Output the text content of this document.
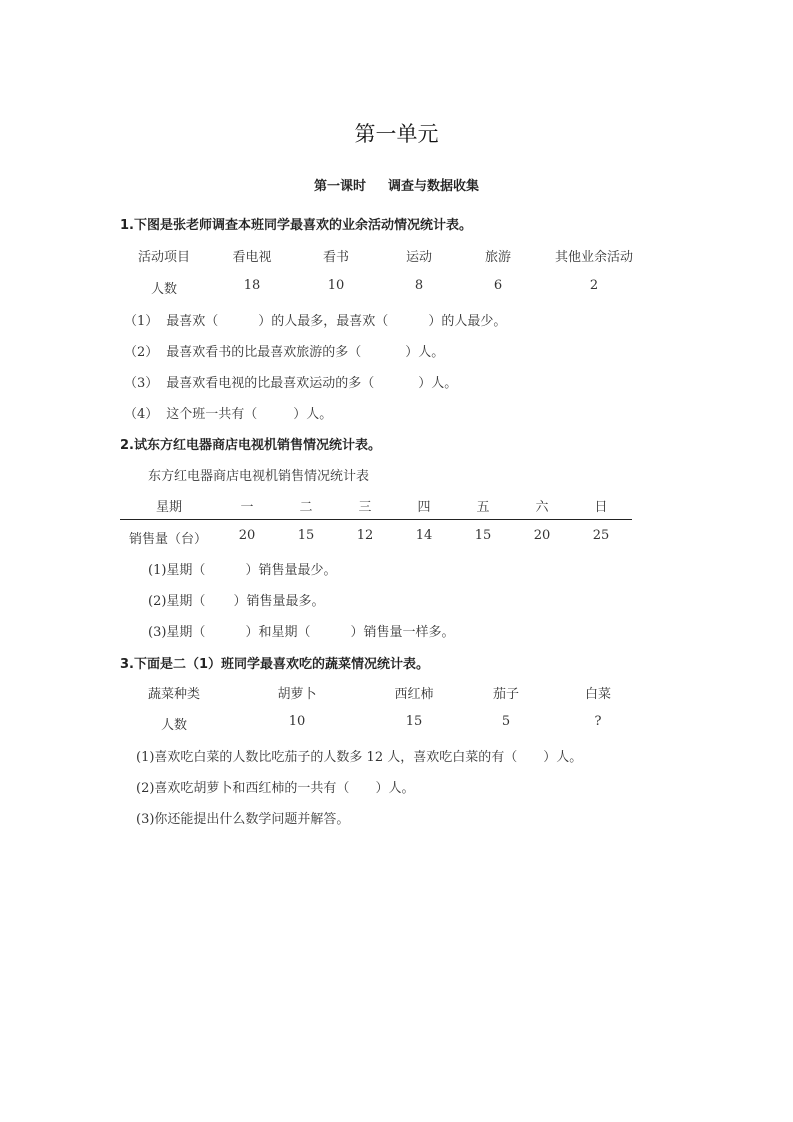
第一单元
第一课时 调查与数据收集
1.下图是张老师调查本班同学最喜欢的业余活动情况统计表。
活动项目	看电视	看书	运动	旅游	其他业余活动
人数	18	10	8	6	2
（1） 最喜欢（	）的人最多，最喜欢（	）的人最少。
（2） 最喜欢看书的比最喜欢旅游的多（	）人。
（3） 最喜欢看电视的比最喜欢运动的多（	）人。
（4） 这个班一共有（	）人。
2.试东方红电器商店电视机销售情况统计表。
东方红电器商店电视机销售情况统计表
星期	一	二	三	四	五	六	日
销售量（台） 20	15	12	14	15	20	25
(1)星期（	）销售量最少。
(2)星期（ ）销售量最多。
(3)星期（	）和星期（	）销售量一样多。
3.下面是二（1）班同学最喜欢吃的蔬菜情况统计表。
蔬菜种类	胡萝卜	西红柿	茄子	白菜
人数	10	15	5	?
(1)喜欢吃白菜的人数比吃茄子的人数多 12 人，喜欢吃白菜的有（ ）人。
(2)喜欢吃胡萝卜和西红柿的一共有（ ）人。
(3)你还能提出什么数学问题并解答。
